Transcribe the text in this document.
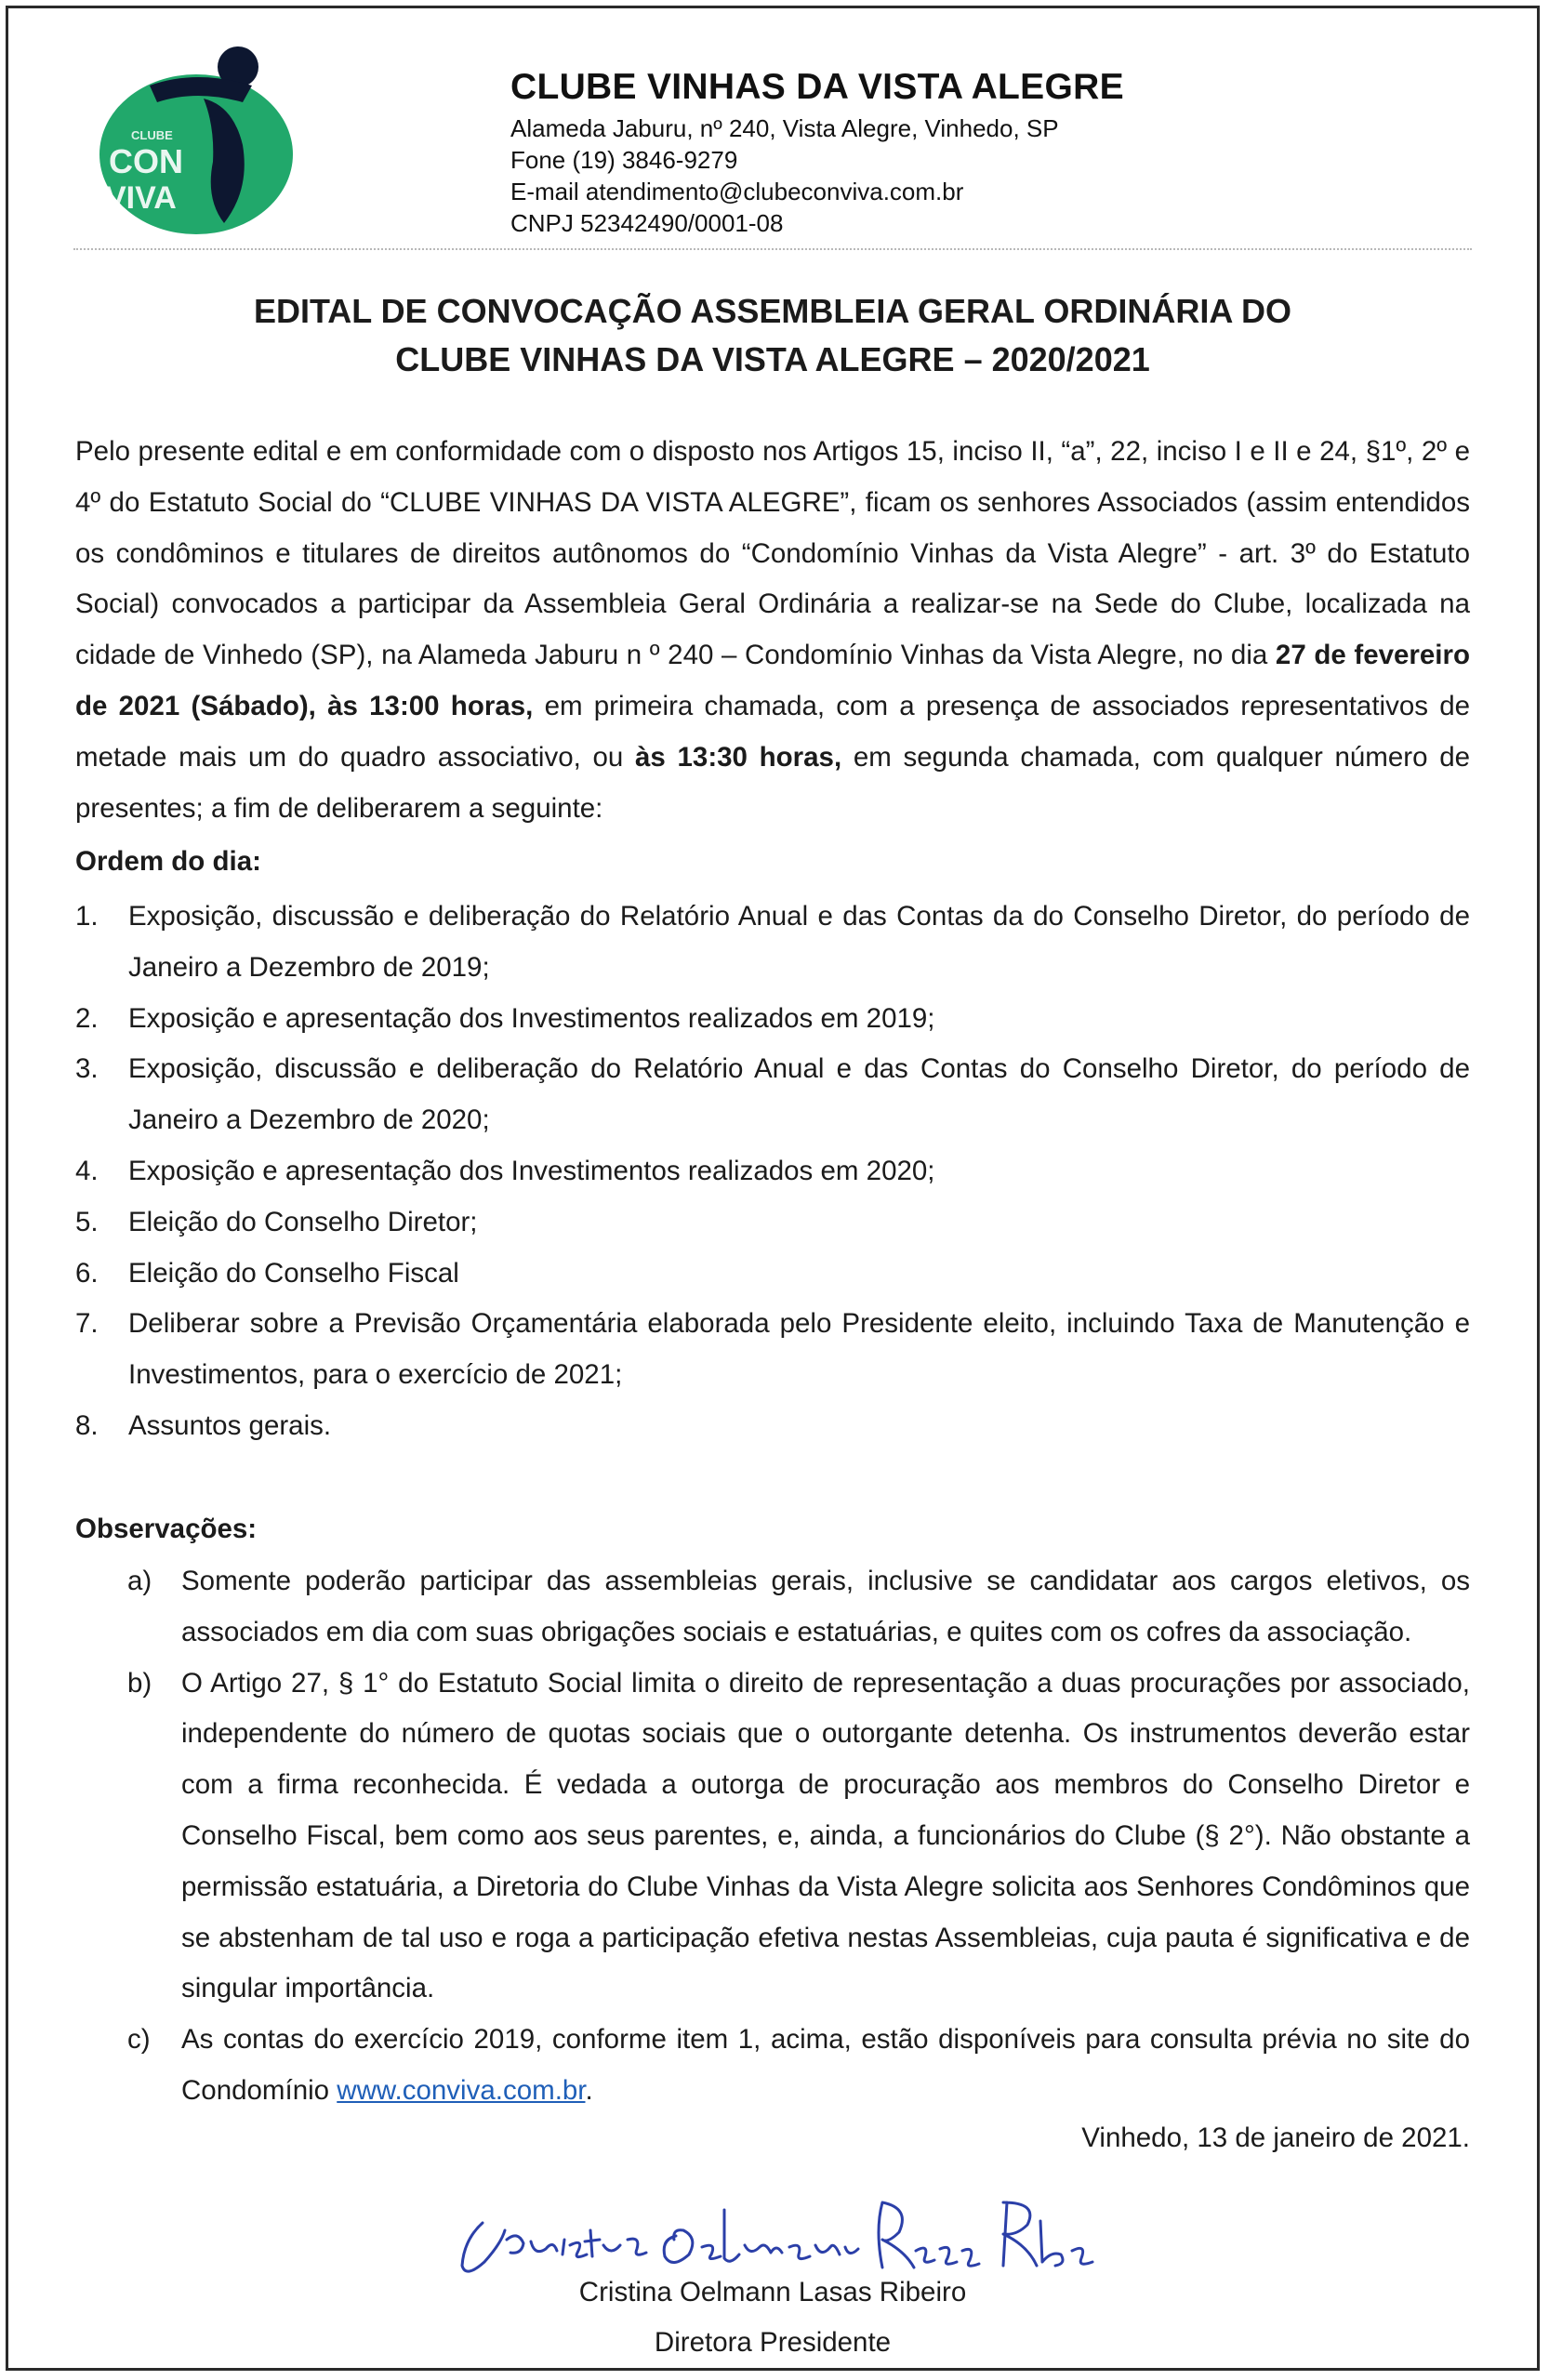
CLUBE
CON
VIVA
CLUBE VINHAS DA VISTA ALEGRE
Alameda Jaburu, nº 240, Vista Alegre, Vinhedo, SP
Fone (19) 3846-9279
E-mail atendimento@clubeconviva.com.br
CNPJ 52342490/0001-08
EDITAL DE CONVOCAÇÃO ASSEMBLEIA GERAL ORDINÁRIA DO
CLUBE VINHAS DA VISTA ALEGRE – 2020/2021
Pelo presente edital e em conformidade com o disposto nos Artigos 15, inciso II, “a”, 22, inciso I e II e 24, §1º, 2º e 4º do Estatuto Social do “CLUBE VINHAS DA VISTA ALEGRE”, ficam os senhores Associados (assim entendidos os condôminos e titulares de direitos autônomos do “Condomínio Vinhas da Vista Alegre” - art. 3º do Estatuto Social) convocados a participar da Assembleia Geral Ordinária a realizar-se na Sede do Clube, localizada na cidade de Vinhedo (SP), na Alameda Jaburu n º 240 – Condomínio Vinhas da Vista Alegre, no dia 27 de fevereiro de 2021 (Sábado), às 13:00 horas, em primeira chamada, com a presença de associados representativos de metade mais um do quadro associativo, ou às 13:30 horas, em segunda chamada, com qualquer número de presentes; a fim de deliberarem a seguinte:
Ordem do dia:
1. Exposição, discussão e deliberação do Relatório Anual e das Contas da do Conselho Diretor, do período de Janeiro a Dezembro de 2019;
2. Exposição e apresentação dos Investimentos realizados em 2019;
3. Exposição, discussão e deliberação do Relatório Anual e das Contas do Conselho Diretor, do período de Janeiro a Dezembro de 2020;
4. Exposição e apresentação dos Investimentos realizados em 2020;
5. Eleição do Conselho Diretor;
6. Eleição do Conselho Fiscal
7. Deliberar sobre a Previsão Orçamentária elaborada pelo Presidente eleito, incluindo Taxa de Manutenção e Investimentos, para o exercício de 2021;
8. Assuntos gerais.
Observações:
a) Somente poderão participar das assembleias gerais, inclusive se candidatar aos cargos eletivos, os associados em dia com suas obrigações sociais e estatuárias, e quites com os cofres da associação.
b) O Artigo 27, § 1° do Estatuto Social limita o direito de representação a duas procurações por associado, independente do número de quotas sociais que o outorgante detenha. Os instrumentos deverão estar com a firma reconhecida. É vedada a outorga de procuração aos membros do Conselho Diretor e Conselho Fiscal, bem como aos seus parentes, e, ainda, a funcionários do Clube (§ 2°). Não obstante a permissão estatuária, a Diretoria do Clube Vinhas da Vista Alegre solicita aos Senhores Condôminos que se abstenham de tal uso e roga a participação efetiva nestas Assembleias, cuja pauta é significativa e de singular importância.
c) As contas do exercício 2019, conforme item 1, acima, estão disponíveis para consulta prévia no site do Condomínio www.conviva.com.br.
Vinhedo, 13 de janeiro de 2021.
Cristina Oelmann Lasas Ribeiro
Diretora Presidente
